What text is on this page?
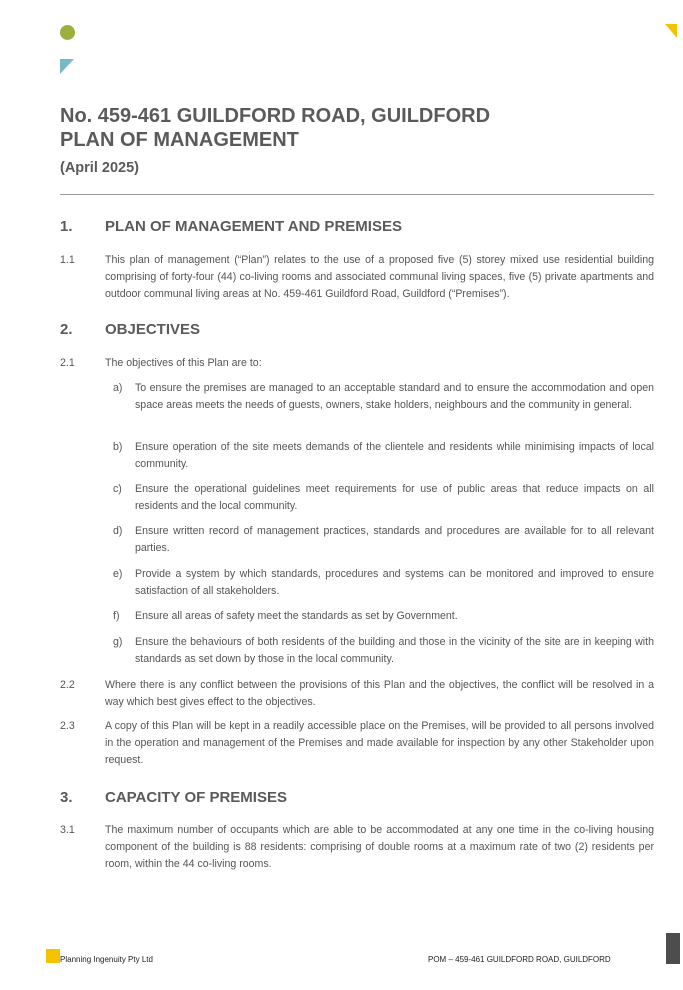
No. 459-461 GUILDFORD ROAD, GUILDFORD
PLAN OF MANAGEMENT
(April 2025)
1. PLAN OF MANAGEMENT AND PREMISES
1.1	This plan of management (“Plan”) relates to the use of a proposed five (5) storey mixed use residential building comprising of forty-four (44) co-living rooms and associated communal living spaces, five (5) private apartments and outdoor communal living areas at No. 459-461 Guildford Road, Guildford (“Premises”).
2. OBJECTIVES
2.1	The objectives of this Plan are to:
a) To ensure the premises are managed to an acceptable standard and to ensure the accommodation and open space areas meets the needs of guests, owners, stake holders, neighbours and the community in general.
b) Ensure operation of the site meets demands of the clientele and residents while minimising impacts of local community.
c) Ensure the operational guidelines meet requirements for use of public areas that reduce impacts on all residents and the local community.
d) Ensure written record of management practices, standards and procedures are available for to all relevant parties.
e) Provide a system by which standards, procedures and systems can be monitored and improved to ensure satisfaction of all stakeholders.
f) Ensure all areas of safety meet the standards as set by Government.
g) Ensure the behaviours of both residents of the building and those in the vicinity of the site are in keeping with standards as set down by those in the local community.
2.2	Where there is any conflict between the provisions of this Plan and the objectives, the conflict will be resolved in a way which best gives effect to the objectives.
2.3	A copy of this Plan will be kept in a readily accessible place on the Premises, will be provided to all persons involved in the operation and management of the Premises and made available for inspection by any other Stakeholder upon request.
3. CAPACITY OF PREMISES
3.1	The maximum number of occupants which are able to be accommodated at any one time in the co-living housing component of the building is 88 residents: comprising of double rooms at a maximum rate of two (2) residents per room, within the 44 co-living rooms.
Planning Ingenuity Pty Ltd	POM – 459-461 GUILDFORD ROAD, GUILDFORD
